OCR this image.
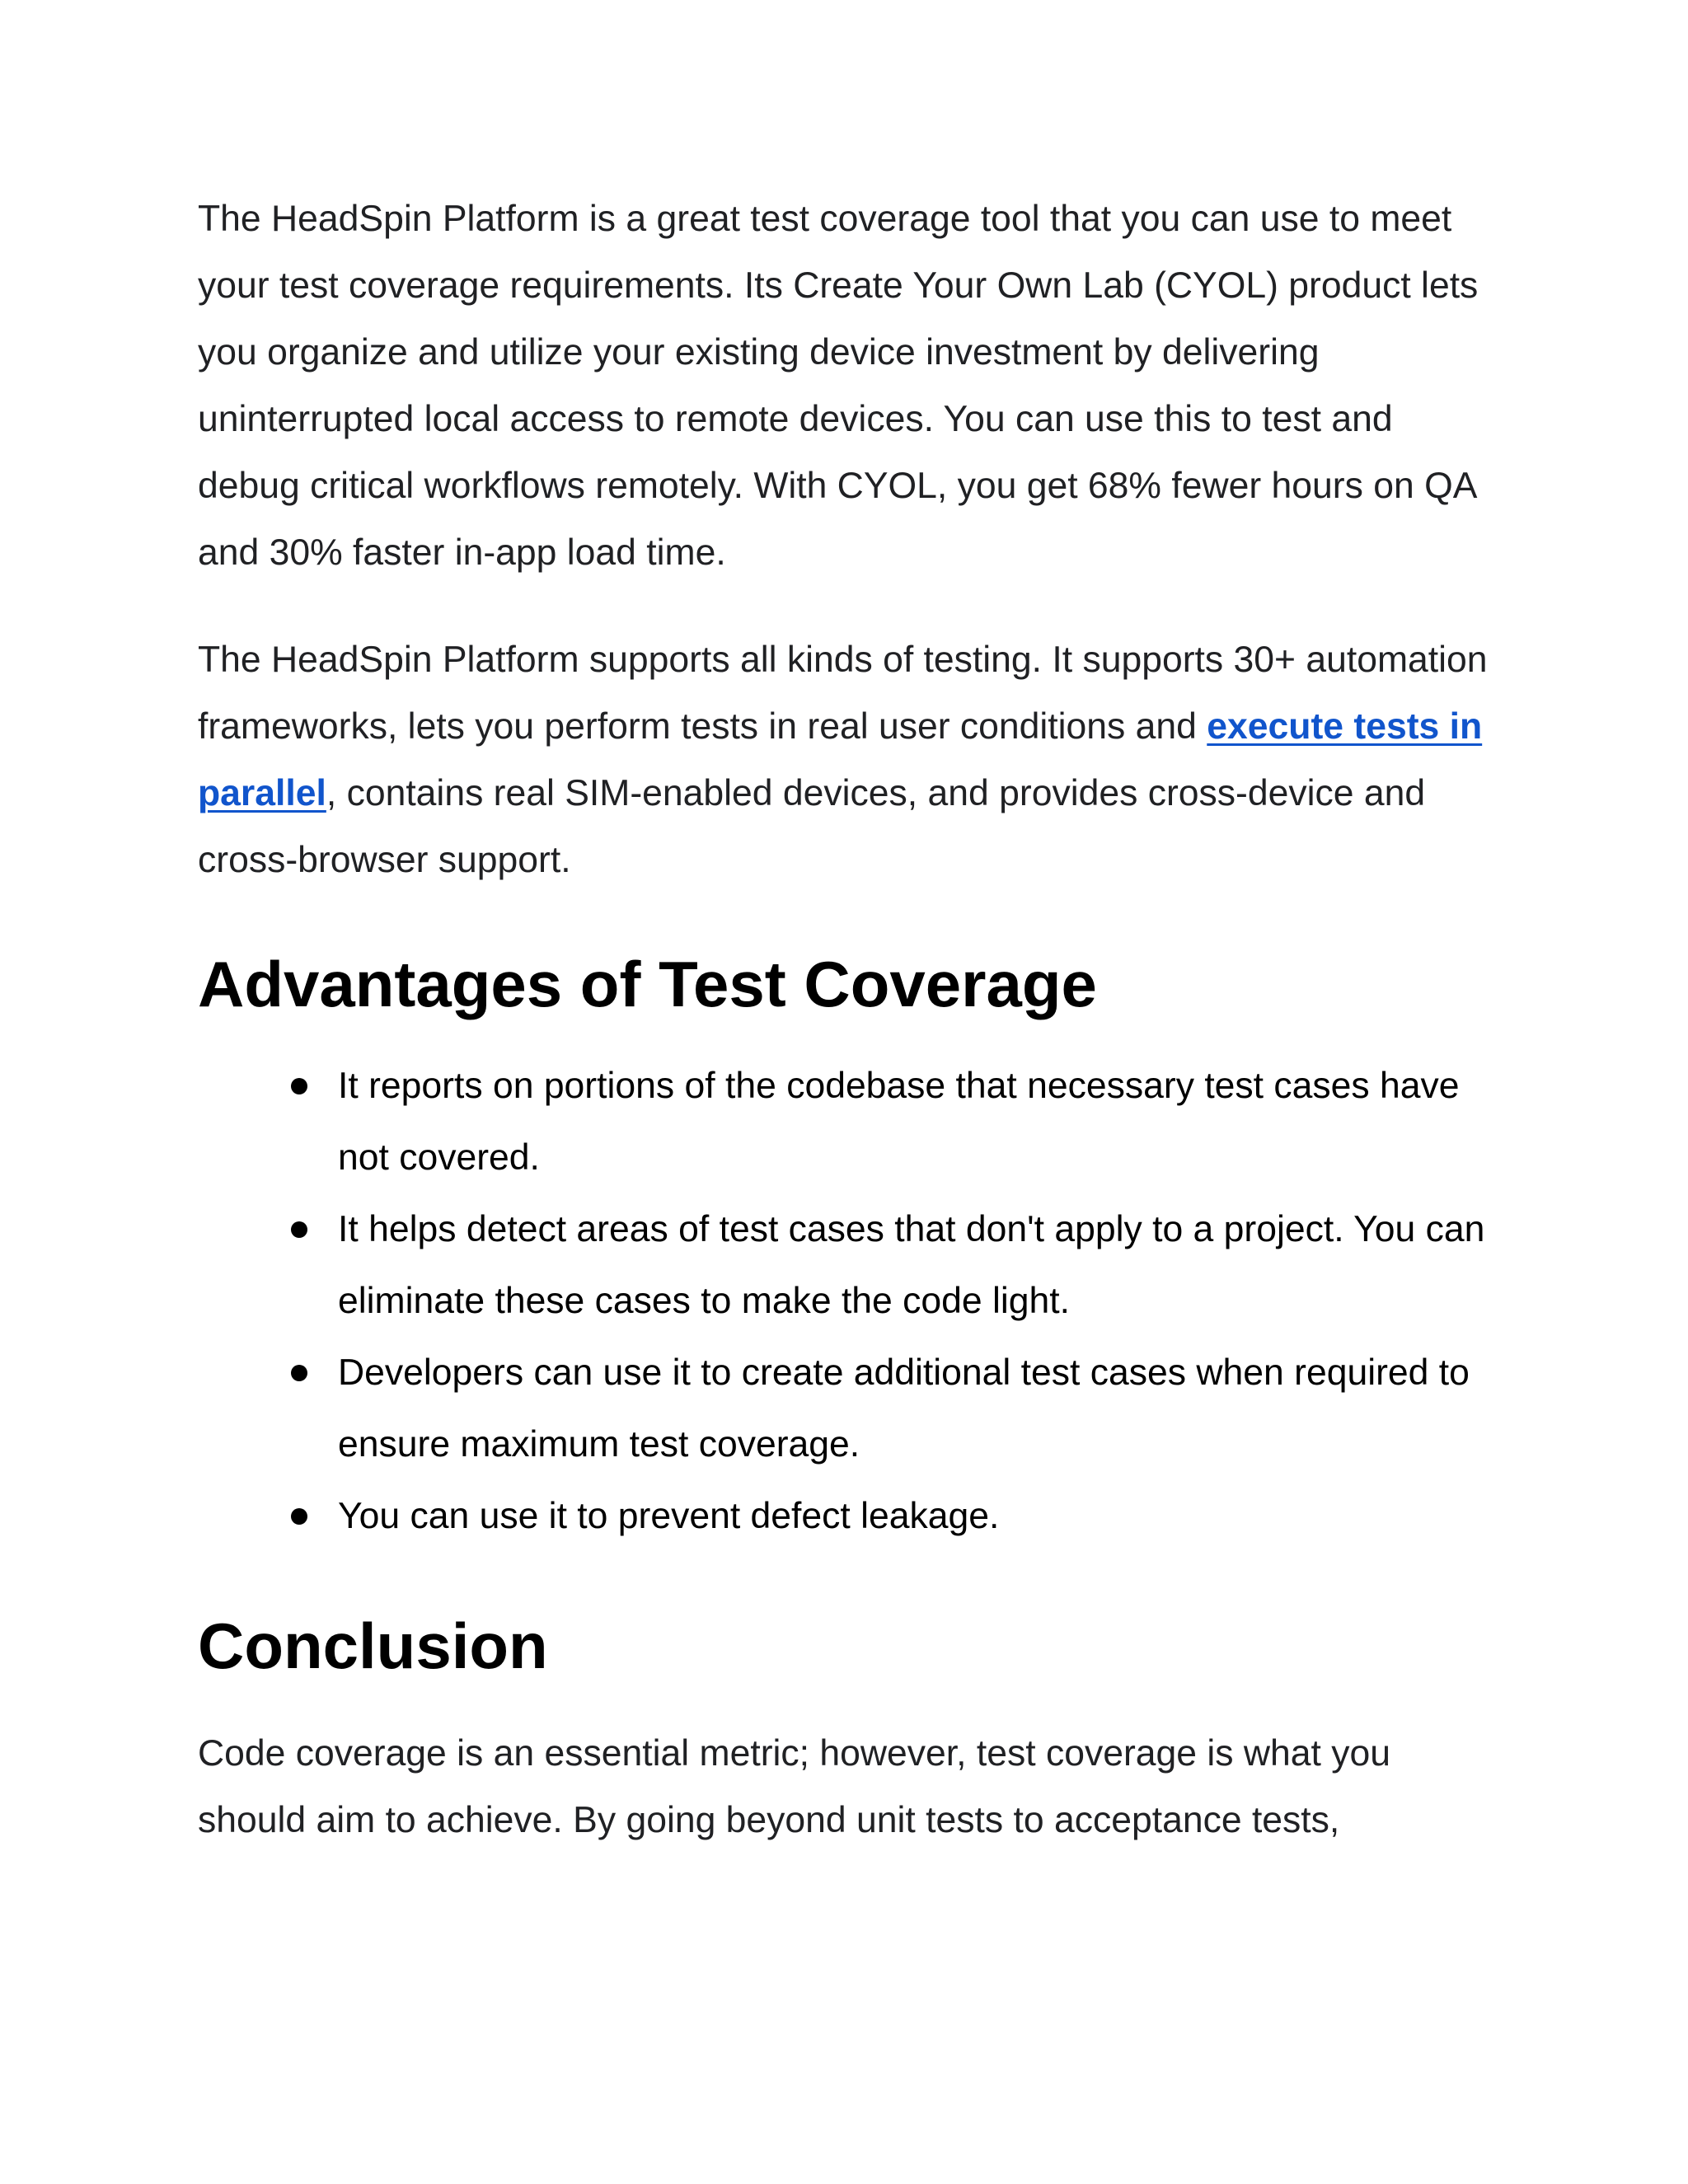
The HeadSpin Platform is a great test coverage tool that you can use to meet your test coverage requirements. Its Create Your Own Lab (CYOL) product lets you organize and utilize your existing device investment by delivering uninterrupted local access to remote devices. You can use this to test and debug critical workflows remotely. With CYOL, you get 68% fewer hours on QA and 30% faster in-app load time.

The HeadSpin Platform supports all kinds of testing. It supports 30+ automation frameworks, lets you perform tests in real user conditions and execute tests in parallel, contains real SIM-enabled devices, and provides cross-device and cross-browser support.

Advantages of Test Coverage
It reports on portions of the codebase that necessary test cases have not covered.
It helps detect areas of test cases that don't apply to a project. You can eliminate these cases to make the code light.
Developers can use it to create additional test cases when required to ensure maximum test coverage.
You can use it to prevent defect leakage.
Conclusion

Code coverage is an essential metric; however, test coverage is what you should aim to achieve. By going beyond unit tests to acceptance tests,
